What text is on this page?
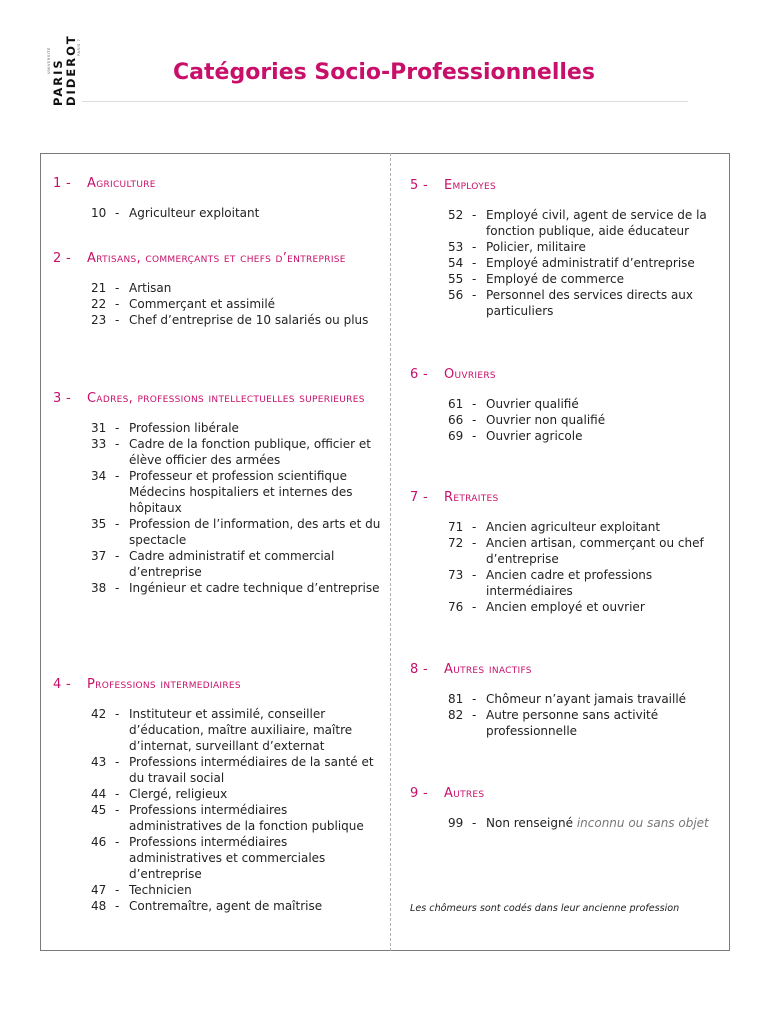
UNIVERSITE PARIS DIDEROT PARIS 7
Catégories Socio-Professionnelles
1 -	Agriculture
10 - Agriculteur exploitant
2 -	Artisans, commerçants et chefs d’entreprise
21 - Artisan
22 - Commerçant et assimilé
23 - Chef d’entreprise de 10 salariés ou plus
3 -	Cadres, professions intellectuelles superieures
31 - Profession libérale
33 - Cadre de la fonction publique, officier et élève officier des armées
34 - Professeur et profession scientifique Médecins hospitaliers et internes des hôpitaux
35 - Profession de l’information, des arts et du spectacle
37 - Cadre administratif et commercial d’entreprise
38 - Ingénieur et cadre technique d’entreprise
4 -	Professions intermediaires
42 - Instituteur et assimilé, conseiller d’éducation, maître auxiliaire, maître d’internat, surveillant d’externat
43 - Professions intermédiaires de la santé et du travail social
44 - Clergé, religieux
45 - Professions intermédiaires administratives de la fonction publique
46 - Professions intermédiaires administratives et commerciales d’entreprise
47 - Technicien
48 - Contremaître, agent de maîtrise
5 -	Employes
52 - Employé civil, agent de service de la fonction publique, aide éducateur
53 - Policier, militaire
54 - Employé administratif d’entreprise
55 - Employé de commerce
56 - Personnel des services directs aux particuliers
6 -	Ouvriers
61 - Ouvrier qualifié
66 - Ouvrier non qualifié
69 - Ouvrier agricole
7 -	Retraites
71 - Ancien agriculteur exploitant
72 - Ancien artisan, commerçant ou chef d’entreprise
73 - Ancien cadre et professions intermédiaires
76 - Ancien employé et ouvrier
8 -	Autres inactifs
81 - Chômeur n’ayant jamais travaillé
82 - Autre personne sans activité professionnelle
9 -	Autres
99 - Non renseigné inconnu ou sans objet
Les chômeurs sont codés dans leur ancienne profession
